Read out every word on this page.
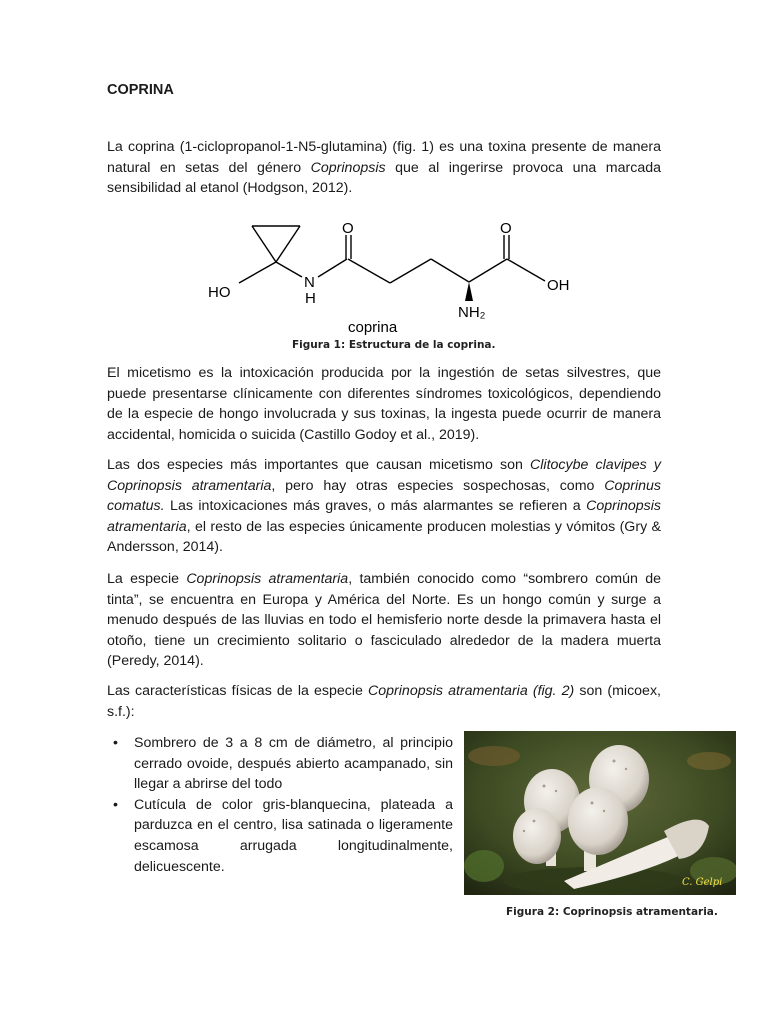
COPRINA

La coprina (1-ciclopropanol-1-N5-glutamina) (fig. 1) es una toxina presente de manera natural en setas del género Coprinopsis que al ingerirse provoca una marcada sensibilidad al etanol (Hodgson, 2012).

O	O
HO
N
H
OH
NH₂
coprina
Figura 1: Estructura de la coprina.

El micetismo es la intoxicación producida por la ingestión de setas silvestres, que puede presentarse clínicamente con diferentes síndromes toxicológicos, dependiendo de la especie de hongo involucrada y sus toxinas, la ingesta puede ocurrir de manera accidental, homicida o suicida (Castillo Godoy et al., 2019).

Las dos especies más importantes que causan micetismo son Clitocybe clavipes y Coprinopsis atramentaria, pero hay otras especies sospechosas, como Coprinus comatus. Las intoxicaciones más graves, o más alarmantes se refieren a Coprinopsis atramentaria, el resto de las especies únicamente producen molestias y vómitos (Gry & Andersson, 2014).

La especie Coprinopsis atramentaria, también conocido como “sombrero común de tinta”, se encuentra en Europa y América del Norte. Es un hongo común y surge a menudo después de las lluvias en todo el hemisferio norte desde la primavera hasta el otoño, tiene un crecimiento solitario o fasciculado alrededor de la madera muerta (Peredy, 2014).

Las características físicas de la especie Coprinopsis atramentaria (fig. 2) son (micoex, s.f.):

• Sombrero de 3 a 8 cm de diámetro, al principio cerrado ovoide, después abierto acampanado, sin llegar a abrirse del todo
• Cutícula de color gris-blanquecina, plateada a parduzca en el centro, lisa satinada o ligeramente escamosa arrugada longitudinalmente, delicuescente.
C. Gelpi
Figura 2: Coprinopsis atramentaria.
